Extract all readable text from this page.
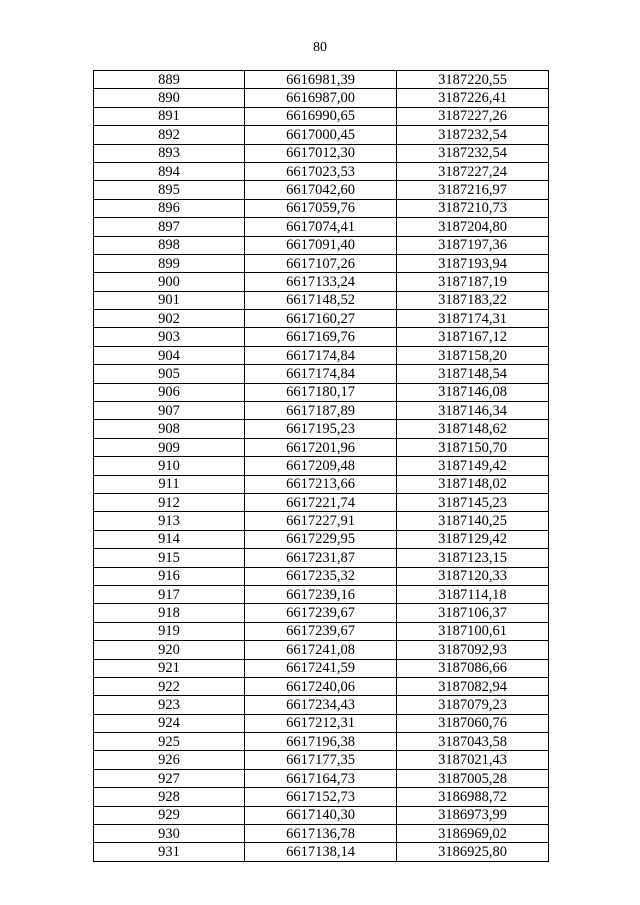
80
889	6616981,39	3187220,55
890	6616987,00	3187226,41
891	6616990,65	3187227,26
892	6617000,45	3187232,54
893	6617012,30	3187232,54
894	6617023,53	3187227,24
895	6617042,60	3187216,97
896	6617059,76	3187210,73
897	6617074,41	3187204,80
898	6617091,40	3187197,36
899	6617107,26	3187193,94
900	6617133,24	3187187,19
901	6617148,52	3187183,22
902	6617160,27	3187174,31
903	6617169,76	3187167,12
904	6617174,84	3187158,20
905	6617174,84	3187148,54
906	6617180,17	3187146,08
907	6617187,89	3187146,34
908	6617195,23	3187148,62
909	6617201,96	3187150,70
910	6617209,48	3187149,42
911	6617213,66	3187148,02
912	6617221,74	3187145,23
913	6617227,91	3187140,25
914	6617229,95	3187129,42
915	6617231,87	3187123,15
916	6617235,32	3187120,33
917	6617239,16	3187114,18
918	6617239,67	3187106,37
919	6617239,67	3187100,61
920	6617241,08	3187092,93
921	6617241,59	3187086,66
922	6617240,06	3187082,94
923	6617234,43	3187079,23
924	6617212,31	3187060,76
925	6617196,38	3187043,58
926	6617177,35	3187021,43
927	6617164,73	3187005,28
928	6617152,73	3186988,72
929	6617140,30	3186973,99
930	6617136,78	3186969,02
931	6617138,14	3186925,80
